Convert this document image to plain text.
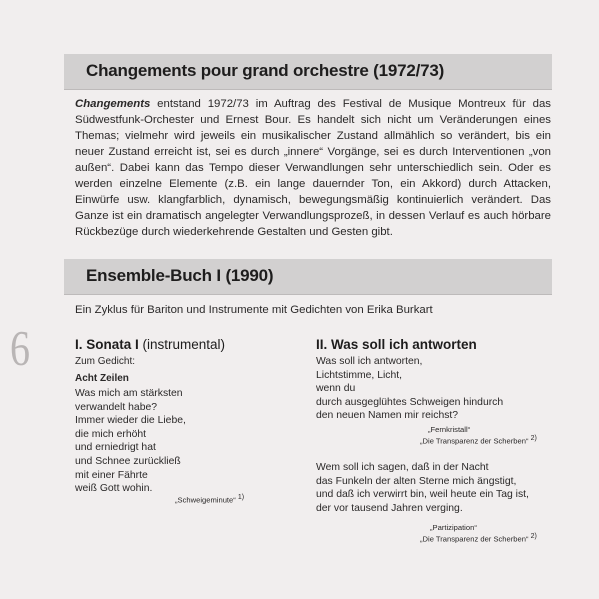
6
Changements pour grand orchestre (1972/73)
Changements entstand 1972/73 im Auftrag des Festival de Musique Montreux für das Südwestfunk-Orchester und Ernest Bour. Es handelt sich nicht um Veränderungen eines Themas; vielmehr wird jeweils ein musikalischer Zustand allmählich so verändert, bis ein neuer Zustand erreicht ist, sei es durch „innere“ Vorgänge, sei es durch Interventionen „von außen“. Dabei kann das Tempo dieser Verwandlungen sehr unterschiedlich sein. Oder es werden einzelne Elemente (z.B. ein lange dauernder Ton, ein Akkord) durch Attacken, Einwürfe usw. klangfarblich, dynamisch, bewegungsmäßig kontinuierlich verändert. Das Ganze ist ein dramatisch angelegter Verwandlungsprozeß, in dessen Verlauf es auch hörbare Rückbezüge durch wiederkehrende Gestalten und Gesten gibt.
Ensemble-Buch I (1990)
Ein Zyklus für Bariton und Instrumente mit Gedichten von Erika Burkart
I. Sonata I (instrumental)
Zum Gedicht:
Acht Zeilen
Was mich am stärksten
verwandelt habe?
Immer wieder die Liebe,
die mich erhöht
und erniedrigt hat
und Schnee zurückließ
mit einer Fährte
weiß Gott wohin.
„Schweigeminute“ $^{1)}$
II. Was soll ich antworten
Was soll ich antworten,
Lichtstimme, Licht,
wenn du
durch ausgeglühtes Schweigen hindurch
den neuen Namen mir reichst?
„Fernkristall“
„Die Transparenz der Scherben“ $^{2)}$
Wem soll ich sagen, daß in der Nacht
das Funkeln der alten Sterne mich ängstigt,
und daß ich verwirrt bin, weil heute ein Tag ist,
der vor tausend Jahren verging.
„Partizipation“
„Die Transparenz der Scherben“ $^{2)}$
